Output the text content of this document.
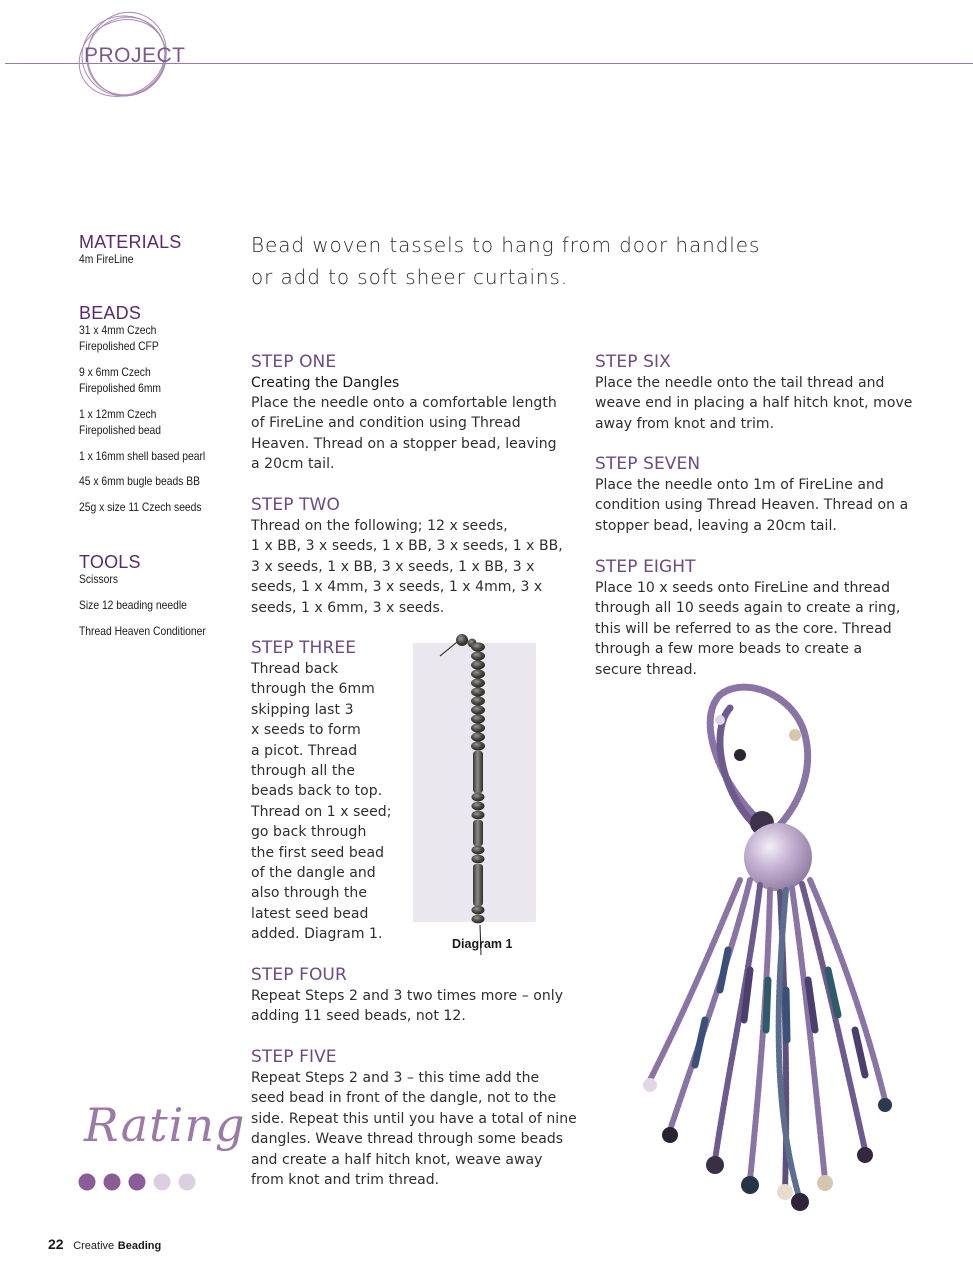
PROJECT
MATERIALS
4m FireLine
BEADS
31 x 4mm Czech
Firepolished CFP
9 x 6mm Czech
Firepolished 6mm
1 x 12mm Czech
Firepolished bead
1 x 16mm shell based pearl
45 x 6mm bugle beads BB
25g x size 11 Czech seeds
TOOLS
Scissors
Size 12 beading needle
Thread Heaven Conditioner
Bead woven tassels to hang from door handles
or add to soft sheer curtains.
STEP ONE
Creating the Dangles
Place the needle onto a comfortable length
of FireLine and condition using Thread
Heaven. Thread on a stopper bead, leaving
a 20cm tail.
STEP TWO
Thread on the following; 12 x seeds,
1 x BB, 3 x seeds, 1 x BB, 3 x seeds, 1 x BB,
3 x seeds, 1 x BB, 3 x seeds, 1 x BB, 3 x
seeds, 1 x 4mm, 3 x seeds, 1 x 4mm, 3 x
seeds, 1 x 6mm, 3 x seeds.
STEP THREE
Thread back
through the 6mm
skipping last 3
x seeds to form
a picot. Thread
through all the
beads back to top.
Thread on 1 x seed;
go back through
the first seed bead
of the dangle and
also through the
latest seed bead
added. Diagram 1.
Diagram 1
STEP FOUR
Repeat Steps 2 and 3 two times more – only
adding 11 seed beads, not 12.
STEP FIVE
Repeat Steps 2 and 3 – this time add the
seed bead in front of the dangle, not to the
side. Repeat this until you have a total of nine
dangles. Weave thread through some beads
and create a half hitch knot, weave away
from knot and trim thread.
STEP SIX
Place the needle onto the tail thread and
weave end in placing a half hitch knot, move
away from knot and trim.
STEP SEVEN
Place the needle onto 1m of FireLine and
condition using Thread Heaven. Thread on a
stopper bead, leaving a 20cm tail.
STEP EIGHT
Place 10 x seeds onto FireLine and thread
through all 10 seeds again to create a ring,
this will be referred to as the core. Thread
through a few more beads to create a
secure thread.
Rating
22 Creative Beading
